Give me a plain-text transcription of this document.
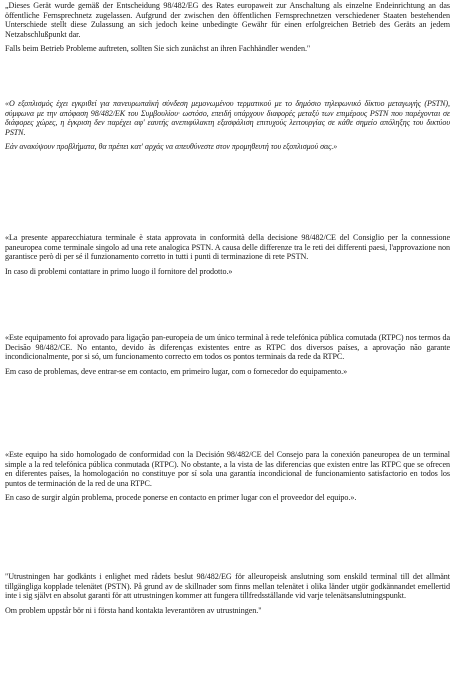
„Dieses Gerät wurde gemäß der Entscheidung 98/482/EG des Rates europaweit zur Anschaltung als einzelne Endeinrichtung an das öffentliche Fernsprechnetz zugelassen. Aufgrund der zwischen den öffentlichen Fernsprechnetzen verschiedener Staaten bestehenden Unterschiede stellt diese Zulassung an sich jedoch keine unbedingte Gewähr für einen erfolgreichen Betrieb des Geräts an jedem Netzabschlußpunkt dar.

Falls beim Betrieb Probleme auftreten, sollten Sie sich zunächst an ihren Fachhändler wenden."

«Ο εξοπλισμός έχει εγκριθεί για πανευρωπαϊκή σύνδεση μεμονωμένου τερματικού με το δημόσιο τηλεφωνικό δίκτυο μεταγωγής (PSTN), σύμφωνα με την απόφαση 98/482/ΕΚ του Συμβουλίου· ωστόσο, επειδή υπάρχουν διαφορές μεταξύ των επιμέρους PSTN που παρέχονται σε διάφορες χώρες, η έγκριση δεν παρέχει αφ' εαυτής ανεπιφύλακτη εξασφάλιση επιτυχούς λειτουργίας σε κάθε σημείο απόληξης του δικτύου PSTN.

Εάν ανακύψουν προβλήματα, θα πρέπει κατ' αρχάς να απευθύνεστε στον προμηθευτή του εξοπλισμού σας.»

«La presente apparecchiatura terminale è stata approvata in conformità della decisione 98/482/CE del Consiglio per la connessione paneuropea come terminale singolo ad una rete analogica PSTN. A causa delle differenze tra le reti dei differenti paesi, l'approvazione non garantisce però di per sé il funzionamento corretto in tutti i punti di terminazione di rete PSTN.

In caso di problemi contattare in primo luogo il fornitore del prodotto.»

«Este equipamento foi aprovado para ligação pan-europeia de um único terminal à rede telefónica pública comutada (RTPC) nos termos da Decisão 98/482/CE. No entanto, devido às diferenças existentes entre as RTPC dos diversos países, a aprovação não garante incondicionalmente, por si só, um funcionamento correcto em todos os pontos terminais da rede da RTPC.

Em caso de problemas, deve entrar-se em contacto, em primeiro lugar, com o fornecedor do equipamento.»

«Este equipo ha sido homologado de conformidad con la Decisión 98/482/CE del Consejo para la conexión paneuropea de un terminal simple a la red telefónica pública conmutada (RTPC). No obstante, a la vista de las diferencias que existen entre las RTPC que se ofrecen en diferentes países, la homologación no constituye por sí sola una garantía incondicional de funcionamiento satisfactorio en todos los puntos de terminación de la red de una RTPC.

En caso de surgir algún problema, procede ponerse en contacto en primer lugar con el proveedor del equipo.».

"Utrustningen har godkänts i enlighet med rådets beslut 98/482/EG för alleuropeisk anslutning som enskild terminal till det allmänt tillgängliga kopplade telenätet (PSTN). På grund av de skillnader som finns mellan telenätet i olika länder utgör godkännandet emellertid inte i sig självt en absolut garanti för att utrustningen kommer att fungera tillfredsställande vid varje telenätsanslutningspunkt.

Om problem uppstår bör ni i första hand kontakta leverantören av utrustningen."
